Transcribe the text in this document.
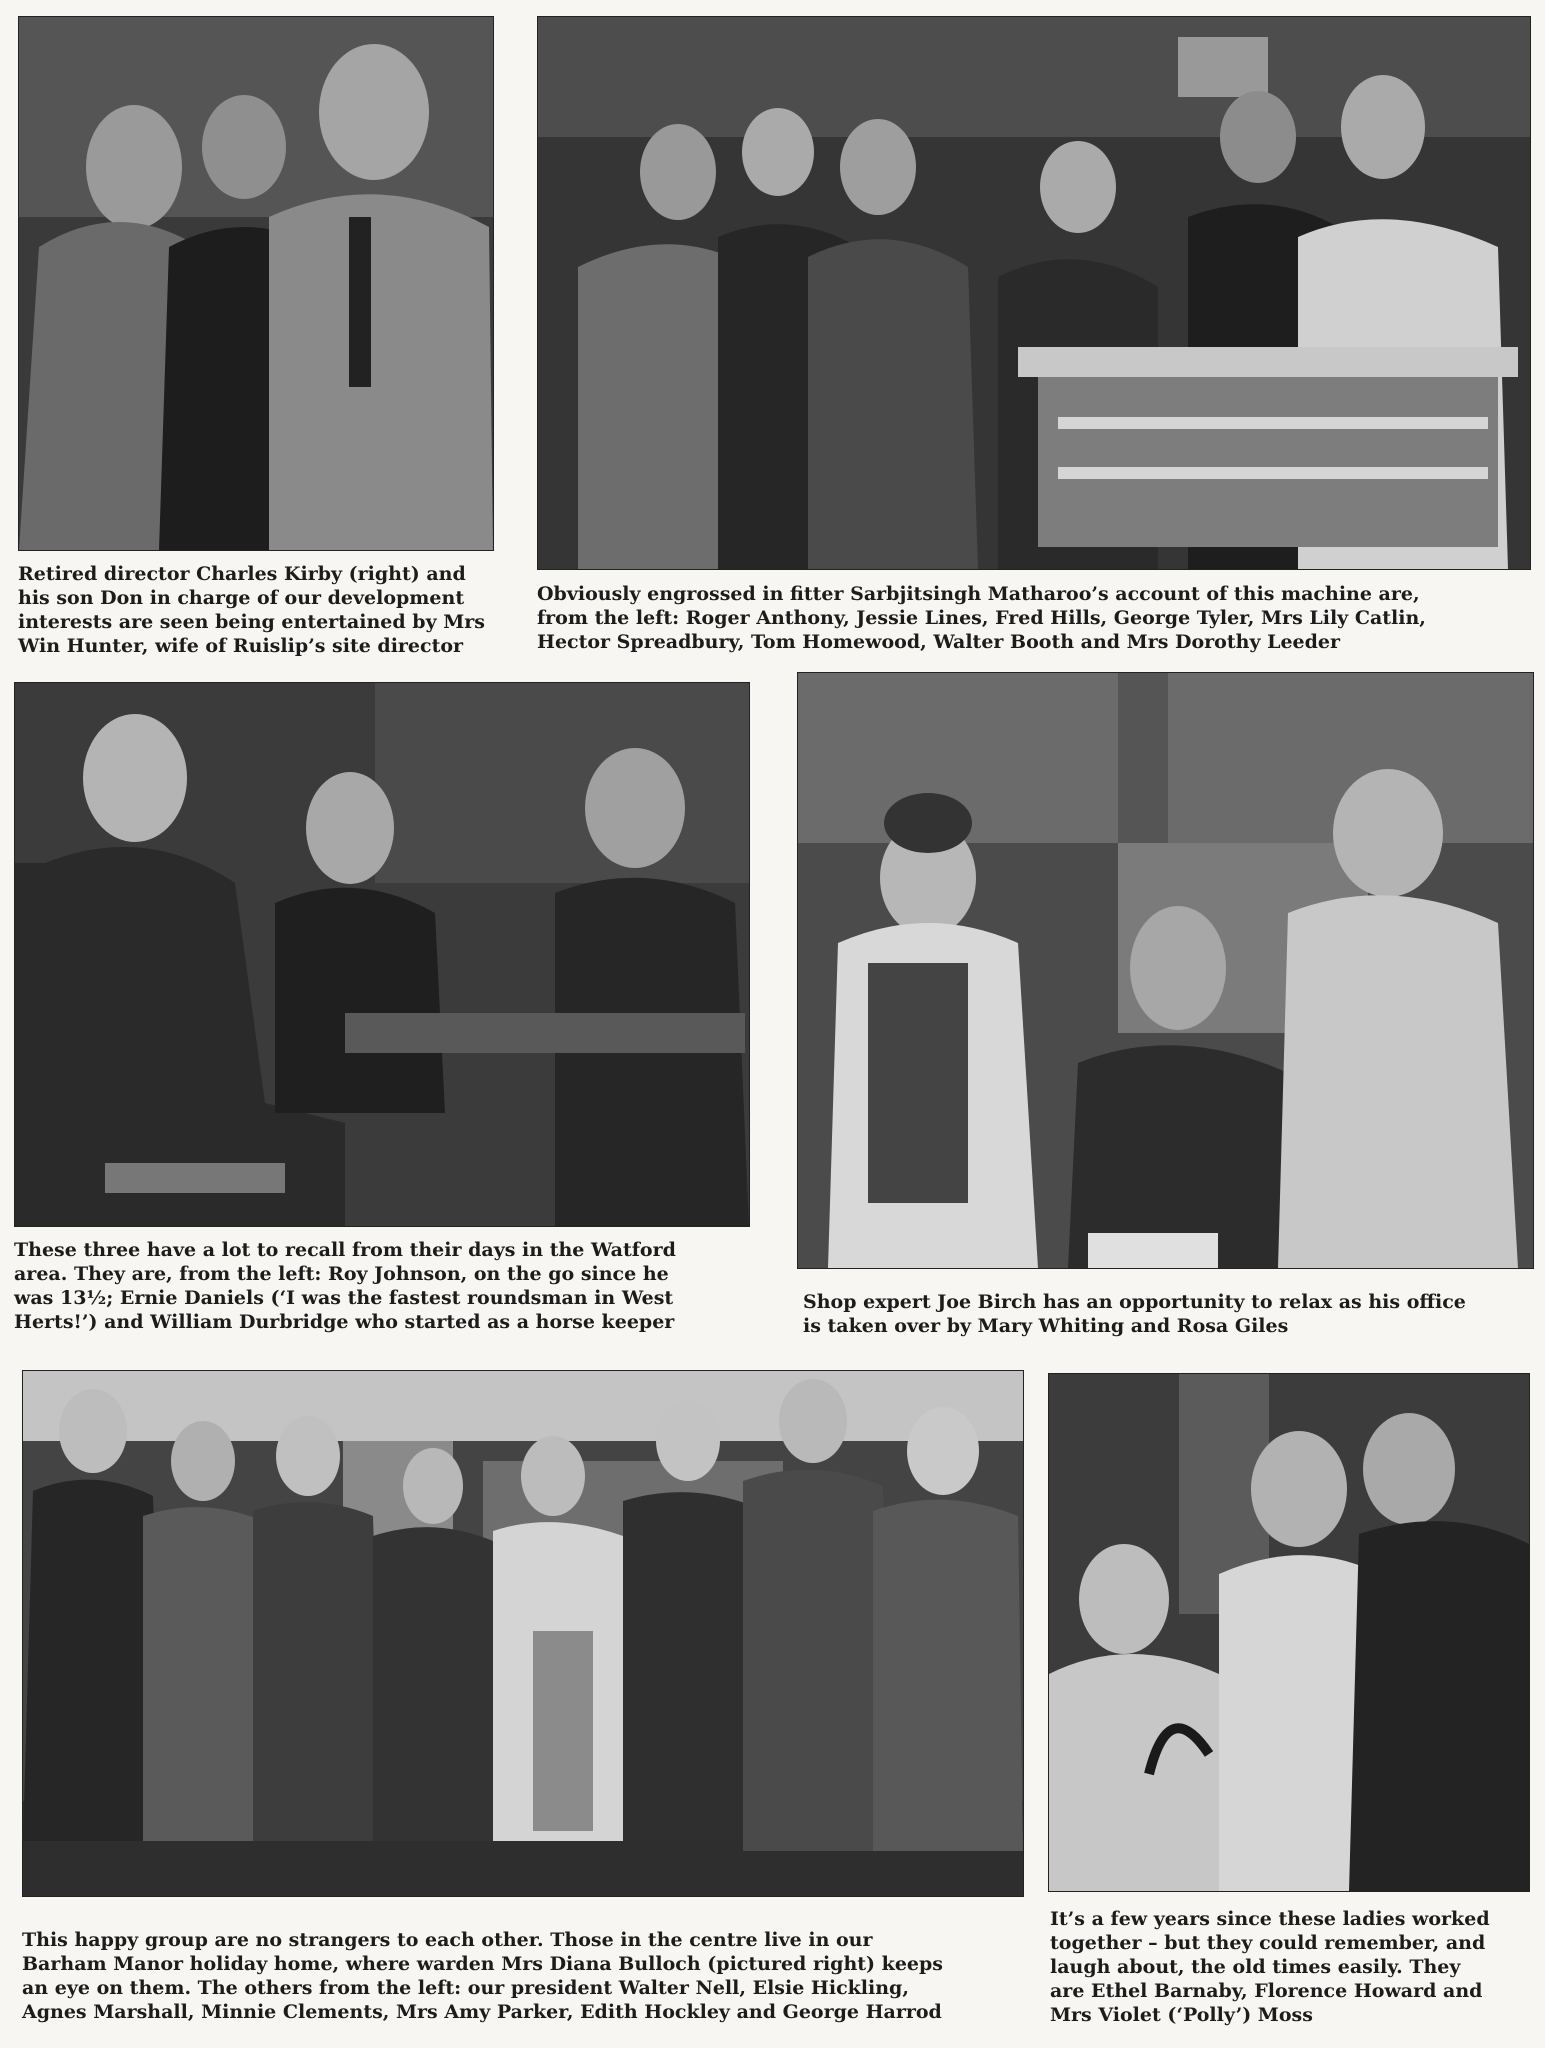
Retired director Charles Kirby (right) and
his son Don in charge of our development
interests are seen being entertained by Mrs
Win Hunter, wife of Ruislip’s site director

Obviously engrossed in fitter Sarbjitsingh Matharoo’s account of this machine are,
from the left: Roger Anthony, Jessie Lines, Fred Hills, George Tyler, Mrs Lily Catlin,
Hector Spreadbury, Tom Homewood, Walter Booth and Mrs Dorothy Leeder

These three have a lot to recall from their days in the Watford
area. They are, from the left: Roy Johnson, on the go since he
was 13½; Ernie Daniels (‘I was the fastest roundsman in West
Herts!’) and William Durbridge who started as a horse keeper

Shop expert Joe Birch has an opportunity to relax as his office
is taken over by Mary Whiting and Rosa Giles

This happy group are no strangers to each other. Those in the centre live in our
Barham Manor holiday home, where warden Mrs Diana Bulloch (pictured right) keeps
an eye on them. The others from the left: our president Walter Nell, Elsie Hickling,
Agnes Marshall, Minnie Clements, Mrs Amy Parker, Edith Hockley and George Harrod

It’s a few years since these ladies worked
together – but they could remember, and
laugh about, the old times easily. They
are Ethel Barnaby, Florence Howard and
Mrs Violet (‘Polly’) Moss
